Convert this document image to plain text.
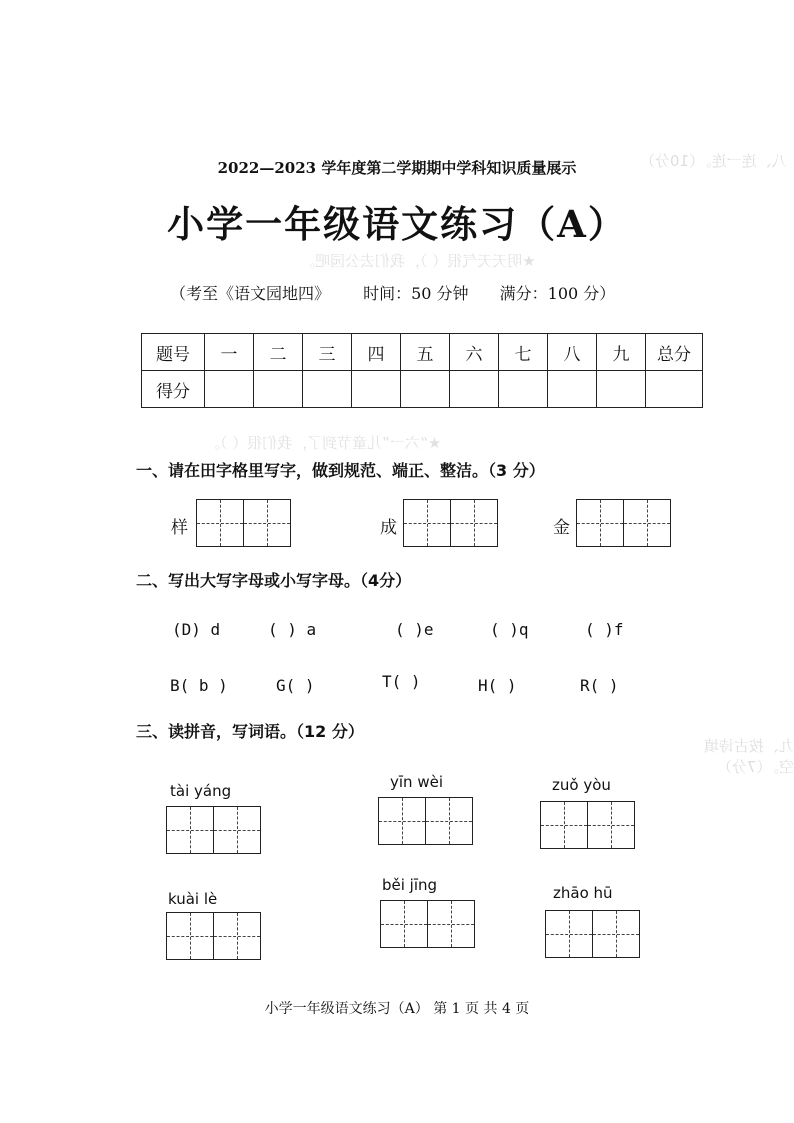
八、连一连。（10分）
★明天天气很（ ），我们去公园吧。
★“六一”儿童节到了，我们很（ ）。
九、按古诗填空。（7分）
2022—2023 学年度第二学期期中学科知识质量展示
小学一年级语文练习（A）
（考至《语文园地四》 时间：50 分钟 满分：100 分）
题号	一	二	三	四	五	六	七	八	九	总分
得分										
一、请在田字格里写字，做到规范、端正、整洁。（3 分）
样	成	金
二、写出大写字母或小写字母。（4分）
(D) d	( ) a	( )e	( )q	( )f
B( b )	G( )	T( )	H( )	R( )
三、读拼音，写词语。（12 分）
tài yáng	yīn wèi	zuǒ yòu
kuài lè
běi jīng	zhāo hū
小学一年级语文练习（A） 第 1 页 共 4 页
